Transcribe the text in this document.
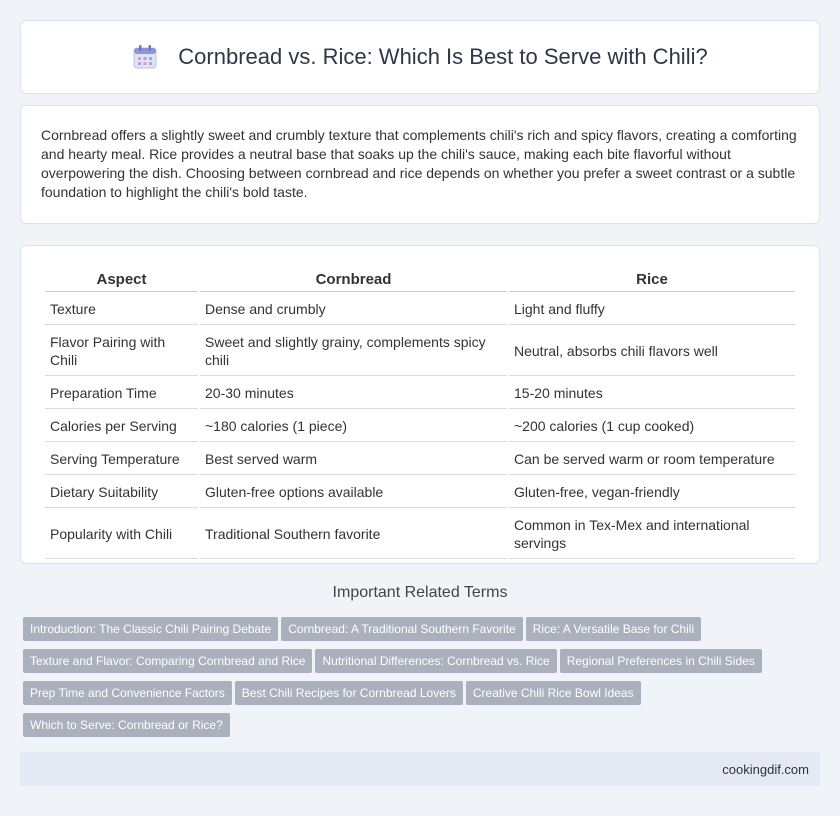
Cornbread vs. Rice: Which Is Best to Serve with Chili?

Cornbread offers a slightly sweet and crumbly texture that complements chili's rich and spicy flavors, creating a comforting and hearty meal. Rice provides a neutral base that soaks up the chili's sauce, making each bite flavorful without overpowering the dish. Choosing between cornbread and rice depends on whether you prefer a sweet contrast or a subtle foundation to highlight the chili's bold taste.

Aspect	Cornbread	Rice
Texture	Dense and crumbly	Light and fluffy
Flavor Pairing with Chili	Sweet and slightly grainy, complements spicy chili	Neutral, absorbs chili flavors well
Preparation Time	20-30 minutes	15-20 minutes
Calories per Serving	~180 calories (1 piece)	~200 calories (1 cup cooked)
Serving Temperature	Best served warm	Can be served warm or room temperature
Dietary Suitability	Gluten-free options available	Gluten-free, vegan-friendly
Popularity with Chili	Traditional Southern favorite	Common in Tex-Mex and international servings
Important Related Terms
Introduction: The Classic Chili Pairing Debate Cornbread: A Traditional Southern Favorite Rice: A Versatile Base for Chili
Texture and Flavor: Comparing Cornbread and Rice Nutritional Differences: Cornbread vs. Rice Regional Preferences in Chili Sides
Prep Time and Convenience Factors Best Chili Recipes for Cornbread Lovers Creative Chili Rice Bowl Ideas
Which to Serve: Cornbread or Rice?
cookingdif.com
